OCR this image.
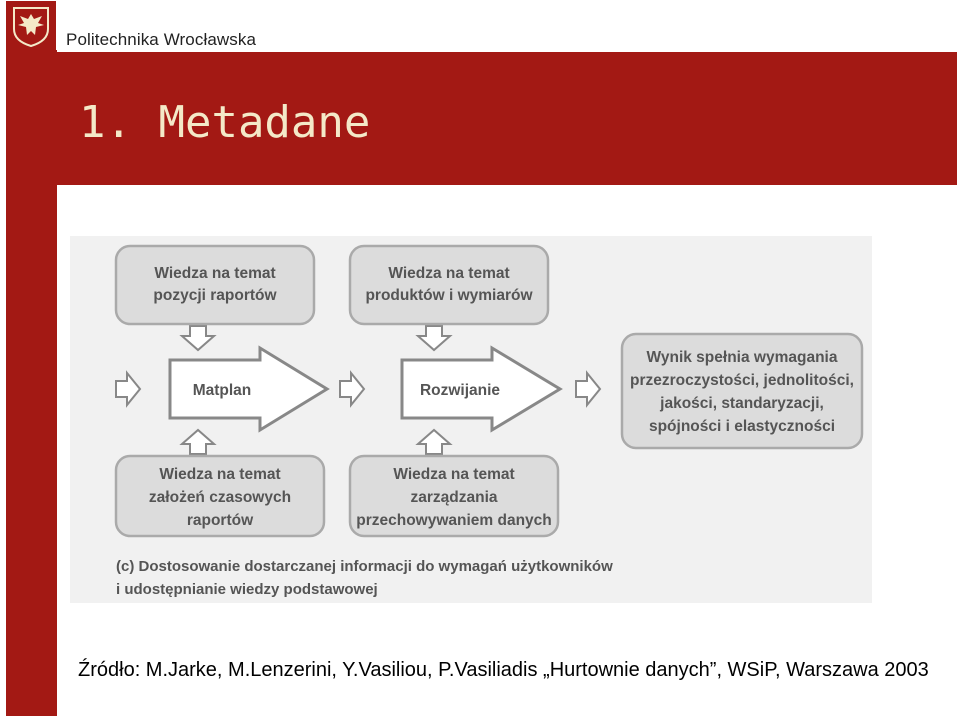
Politechnika Wrocławska
1. Metadane
Wiedza na temat
pozycji raportów
Wiedza na temat
produktów i wymiarów
Wiedza na temat
założeń czasowych
raportów
Wiedza na temat
zarządzania
przechowywaniem danych
Wynik spełnia wymagania
przezroczystości, jednolitości,
jakości, standaryzacji,
spójności i elastyczności
Matplan	Rozwijanie
(c) Dostosowanie dostarczanej informacji do wymagań użytkowników
i udostępnianie wiedzy podstawowej
Źródło: M.Jarke, M.Lenzerini, Y.Vasiliou, P.Vasiliadis „Hurtownie danych”, WSiP, Warszawa 2003
